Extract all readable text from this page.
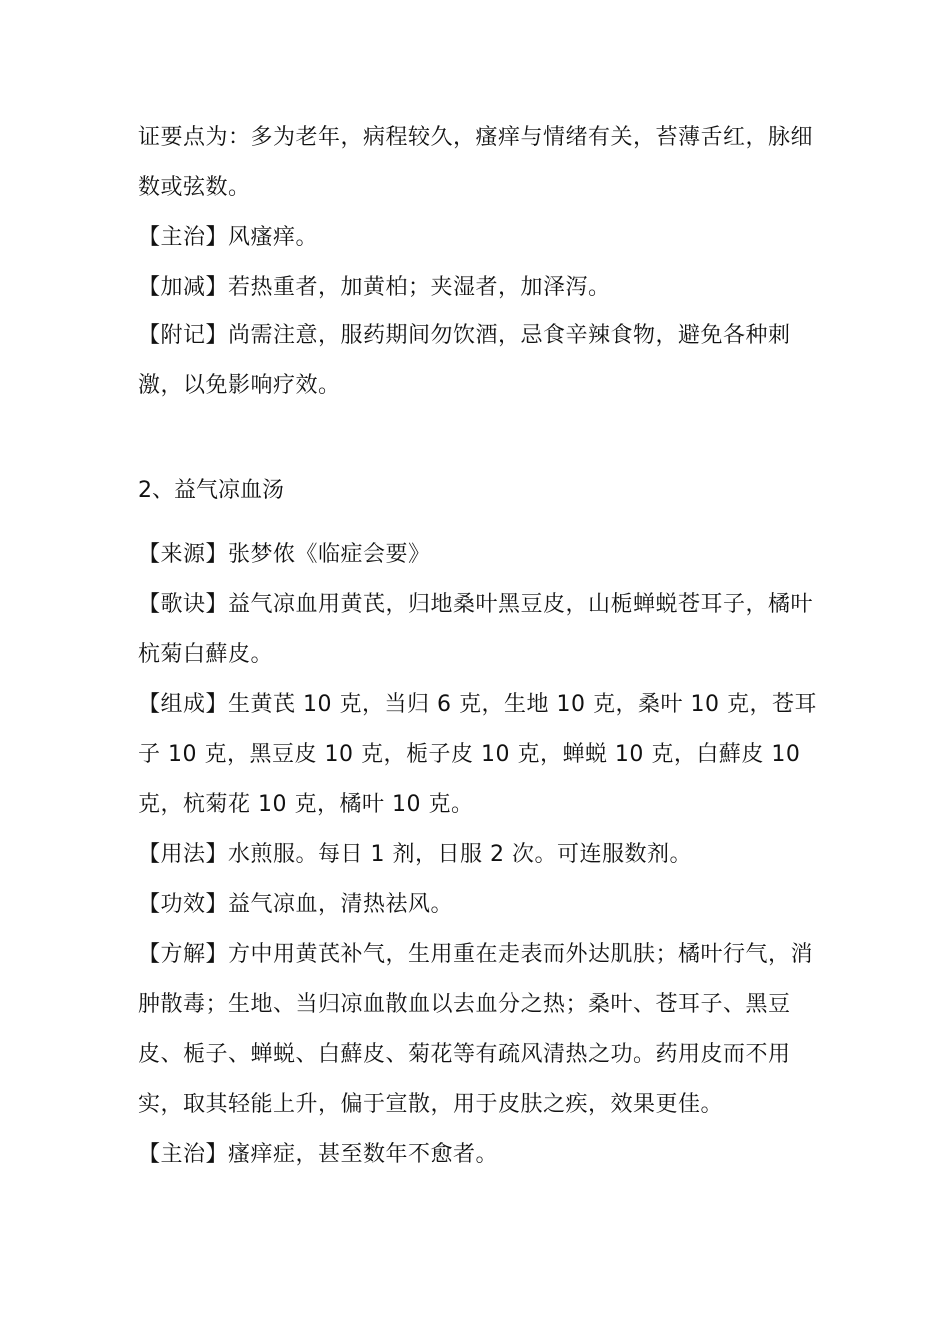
证要点为：多为老年，病程较久，瘙痒与情绪有关，苔薄舌红，脉细数或弦数。

【主治】风瘙痒。

【加减】若热重者，加黄柏；夹湿者，加泽泻。

【附记】尚需注意，服药期间勿饮酒，忌食辛辣食物，避免各种刺激，以免影响疗效。

2、益气凉血汤

【来源】张梦侬《临症会要》

【歌诀】益气凉血用黄芪，归地桑叶黑豆皮，山栀蝉蜕苍耳子，橘叶杭菊白蘚皮。

【组成】生黄芪 10 克，当归 6 克，生地 10 克，桑叶 10 克，苍耳子 10 克，黑豆皮 10 克，栀子皮 10 克，蝉蜕 10 克，白蘚皮 10 克，杭菊花 10 克，橘叶 10 克。

【用法】水煎服。每日 1 剂，日服 2 次。可连服数剂。

【功效】益气凉血，清热祛风。

【方解】方中用黄芪补气，生用重在走表而外达肌肤；橘叶行气，消肿散毒；生地、当归凉血散血以去血分之热；桑叶、苍耳子、黑豆皮、栀子、蝉蜕、白蘚皮、菊花等有疏风清热之功。药用皮而不用实，取其轻能上升，偏于宣散，用于皮肤之疾，效果更佳。

【主治】瘙痒症，甚至数年不愈者。
